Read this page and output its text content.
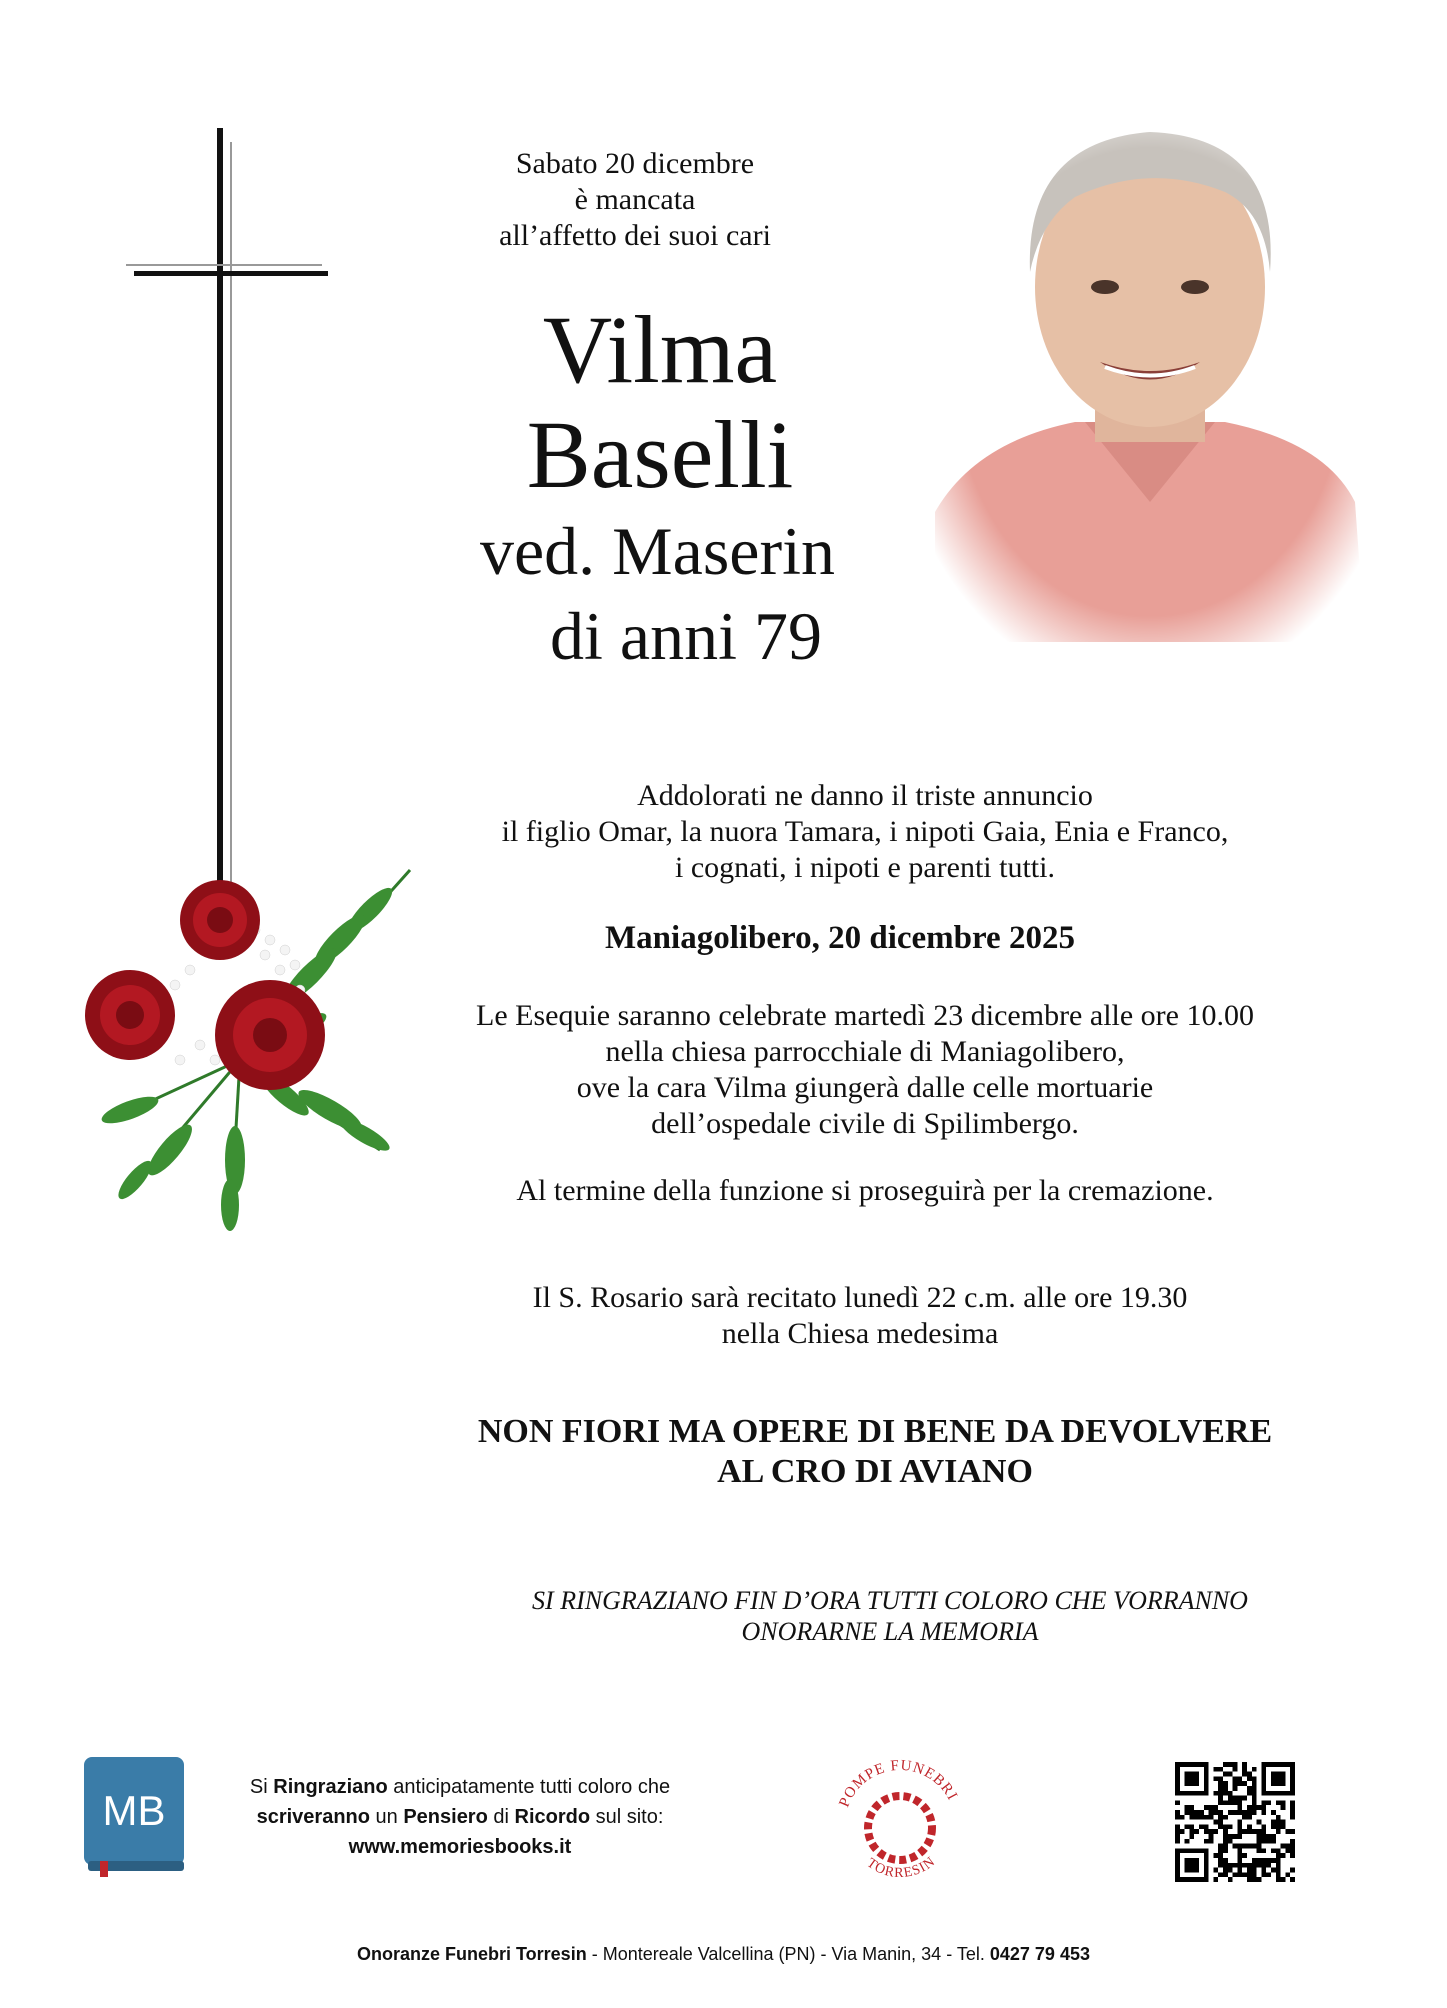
Sabato 20 dicembre
è mancata
all’affetto dei suoi cari
Vilma
Baselli
ved. Maserin
di anni 79
Addolorati ne danno il triste annuncio
il figlio Omar, la nuora Tamara, i nipoti Gaia, Enia e Franco,
i cognati, i nipoti e parenti tutti.
Maniagolibero, 20 dicembre 2025
Le Esequie saranno celebrate martedì 23 dicembre alle ore 10.00
nella chiesa parrocchiale di Maniagolibero,
ove la cara Vilma giungerà dalle celle mortuarie
dell’ospedale civile di Spilimbergo.
Al termine della funzione si proseguirà per la cremazione.
Il S. Rosario sarà recitato lunedì 22 c.m. alle ore 19.30
nella Chiesa medesima
NON FIORI MA OPERE DI BENE DA DEVOLVERE
AL CRO DI AVIANO
SI RINGRAZIANO FIN D’ORA TUTTI COLORO CHE VORRANNO
ONORARNE LA MEMORIA
MB	Si Ringraziano anticipatamente tutti coloro che
scriveranno un Pensiero di Ricordo sul sito:
www.memoriesbooks.it
POMPE FUNEBRI
TORRESIN
Onoranze Funebri Torresin - Montereale Valcellina (PN) - Via Manin, 34 - Tel. 0427 79 453
